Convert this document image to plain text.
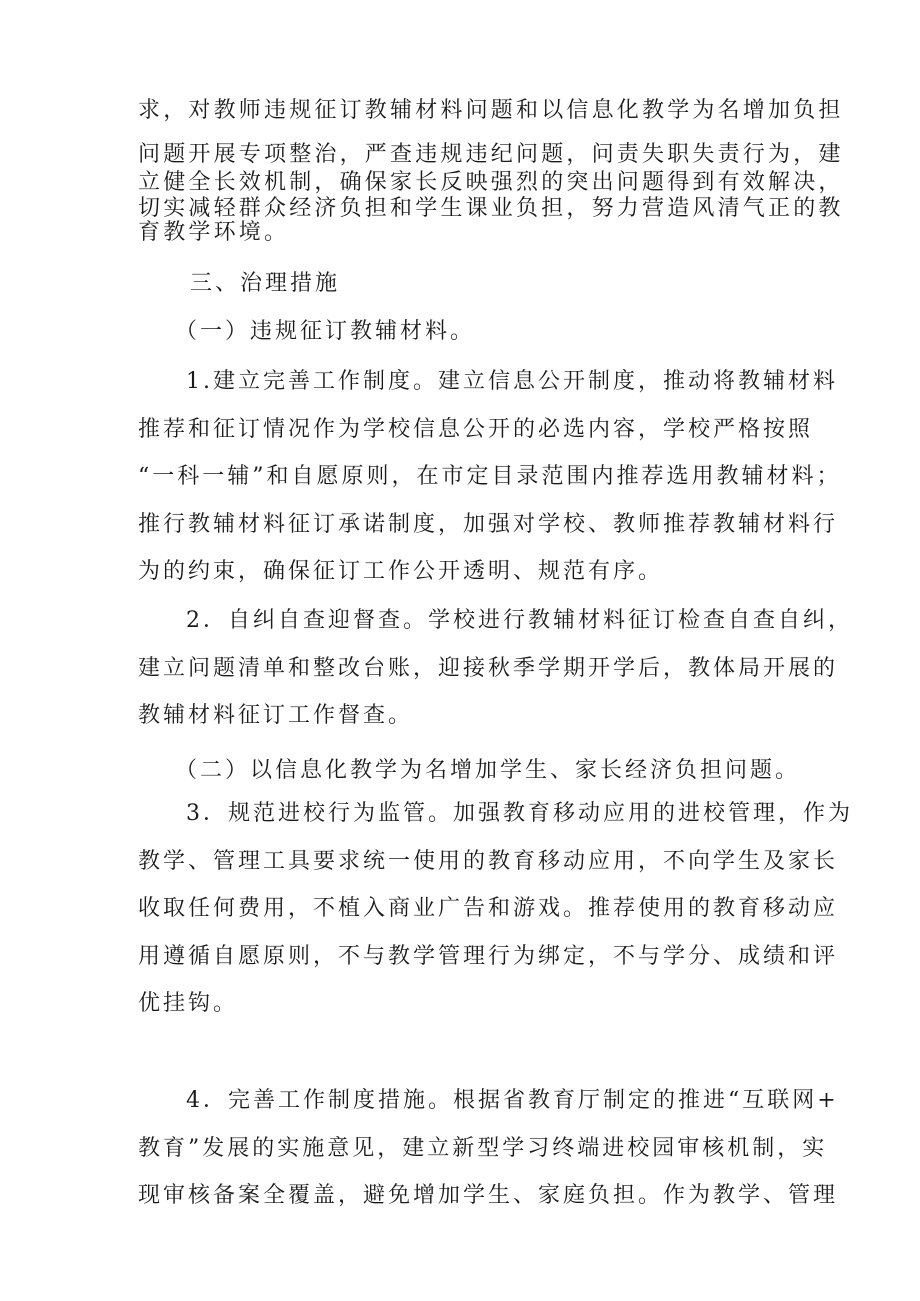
求，对教师违规征订教辅材料问题和以信息化教学为名增加负担
问题开展专项整治，严查违规违纪问题，问责失职失责行为，建
立健全长效机制，确保家长反映强烈的突出问题得到有效解决，
切实减轻群众经济负担和学生课业负担，努力营造风清气正的教
育教学环境。
三、治理措施
（一）违规征订教辅材料。
1.建立完善工作制度。建立信息公开制度，推动将教辅材料
推荐和征订情况作为学校信息公开的必选内容，学校严格按照
“一科一辅”和自愿原则，在市定目录范围内推荐选用教辅材料；
推行教辅材料征订承诺制度，加强对学校、教师推荐教辅材料行
为的约束，确保征订工作公开透明、规范有序。
2．自纠自查迎督查。学校进行教辅材料征订检查自查自纠，
建立问题清单和整改台账，迎接秋季学期开学后，教体局开展的
教辅材料征订工作督查。
（二）以信息化教学为名增加学生、家长经济负担问题。
3．规范进校行为监管。加强教育移动应用的进校管理，作为
教学、管理工具要求统一使用的教育移动应用，不向学生及家长
收取任何费用，不植入商业广告和游戏。推荐使用的教育移动应
用遵循自愿原则，不与教学管理行为绑定，不与学分、成绩和评
优挂钩。
4．完善工作制度措施。根据省教育厅制定的推进“互联网+
教育”发展的实施意见，建立新型学习终端进校园审核机制，实
现审核备案全覆盖，避免增加学生、家庭负担。作为教学、管理
